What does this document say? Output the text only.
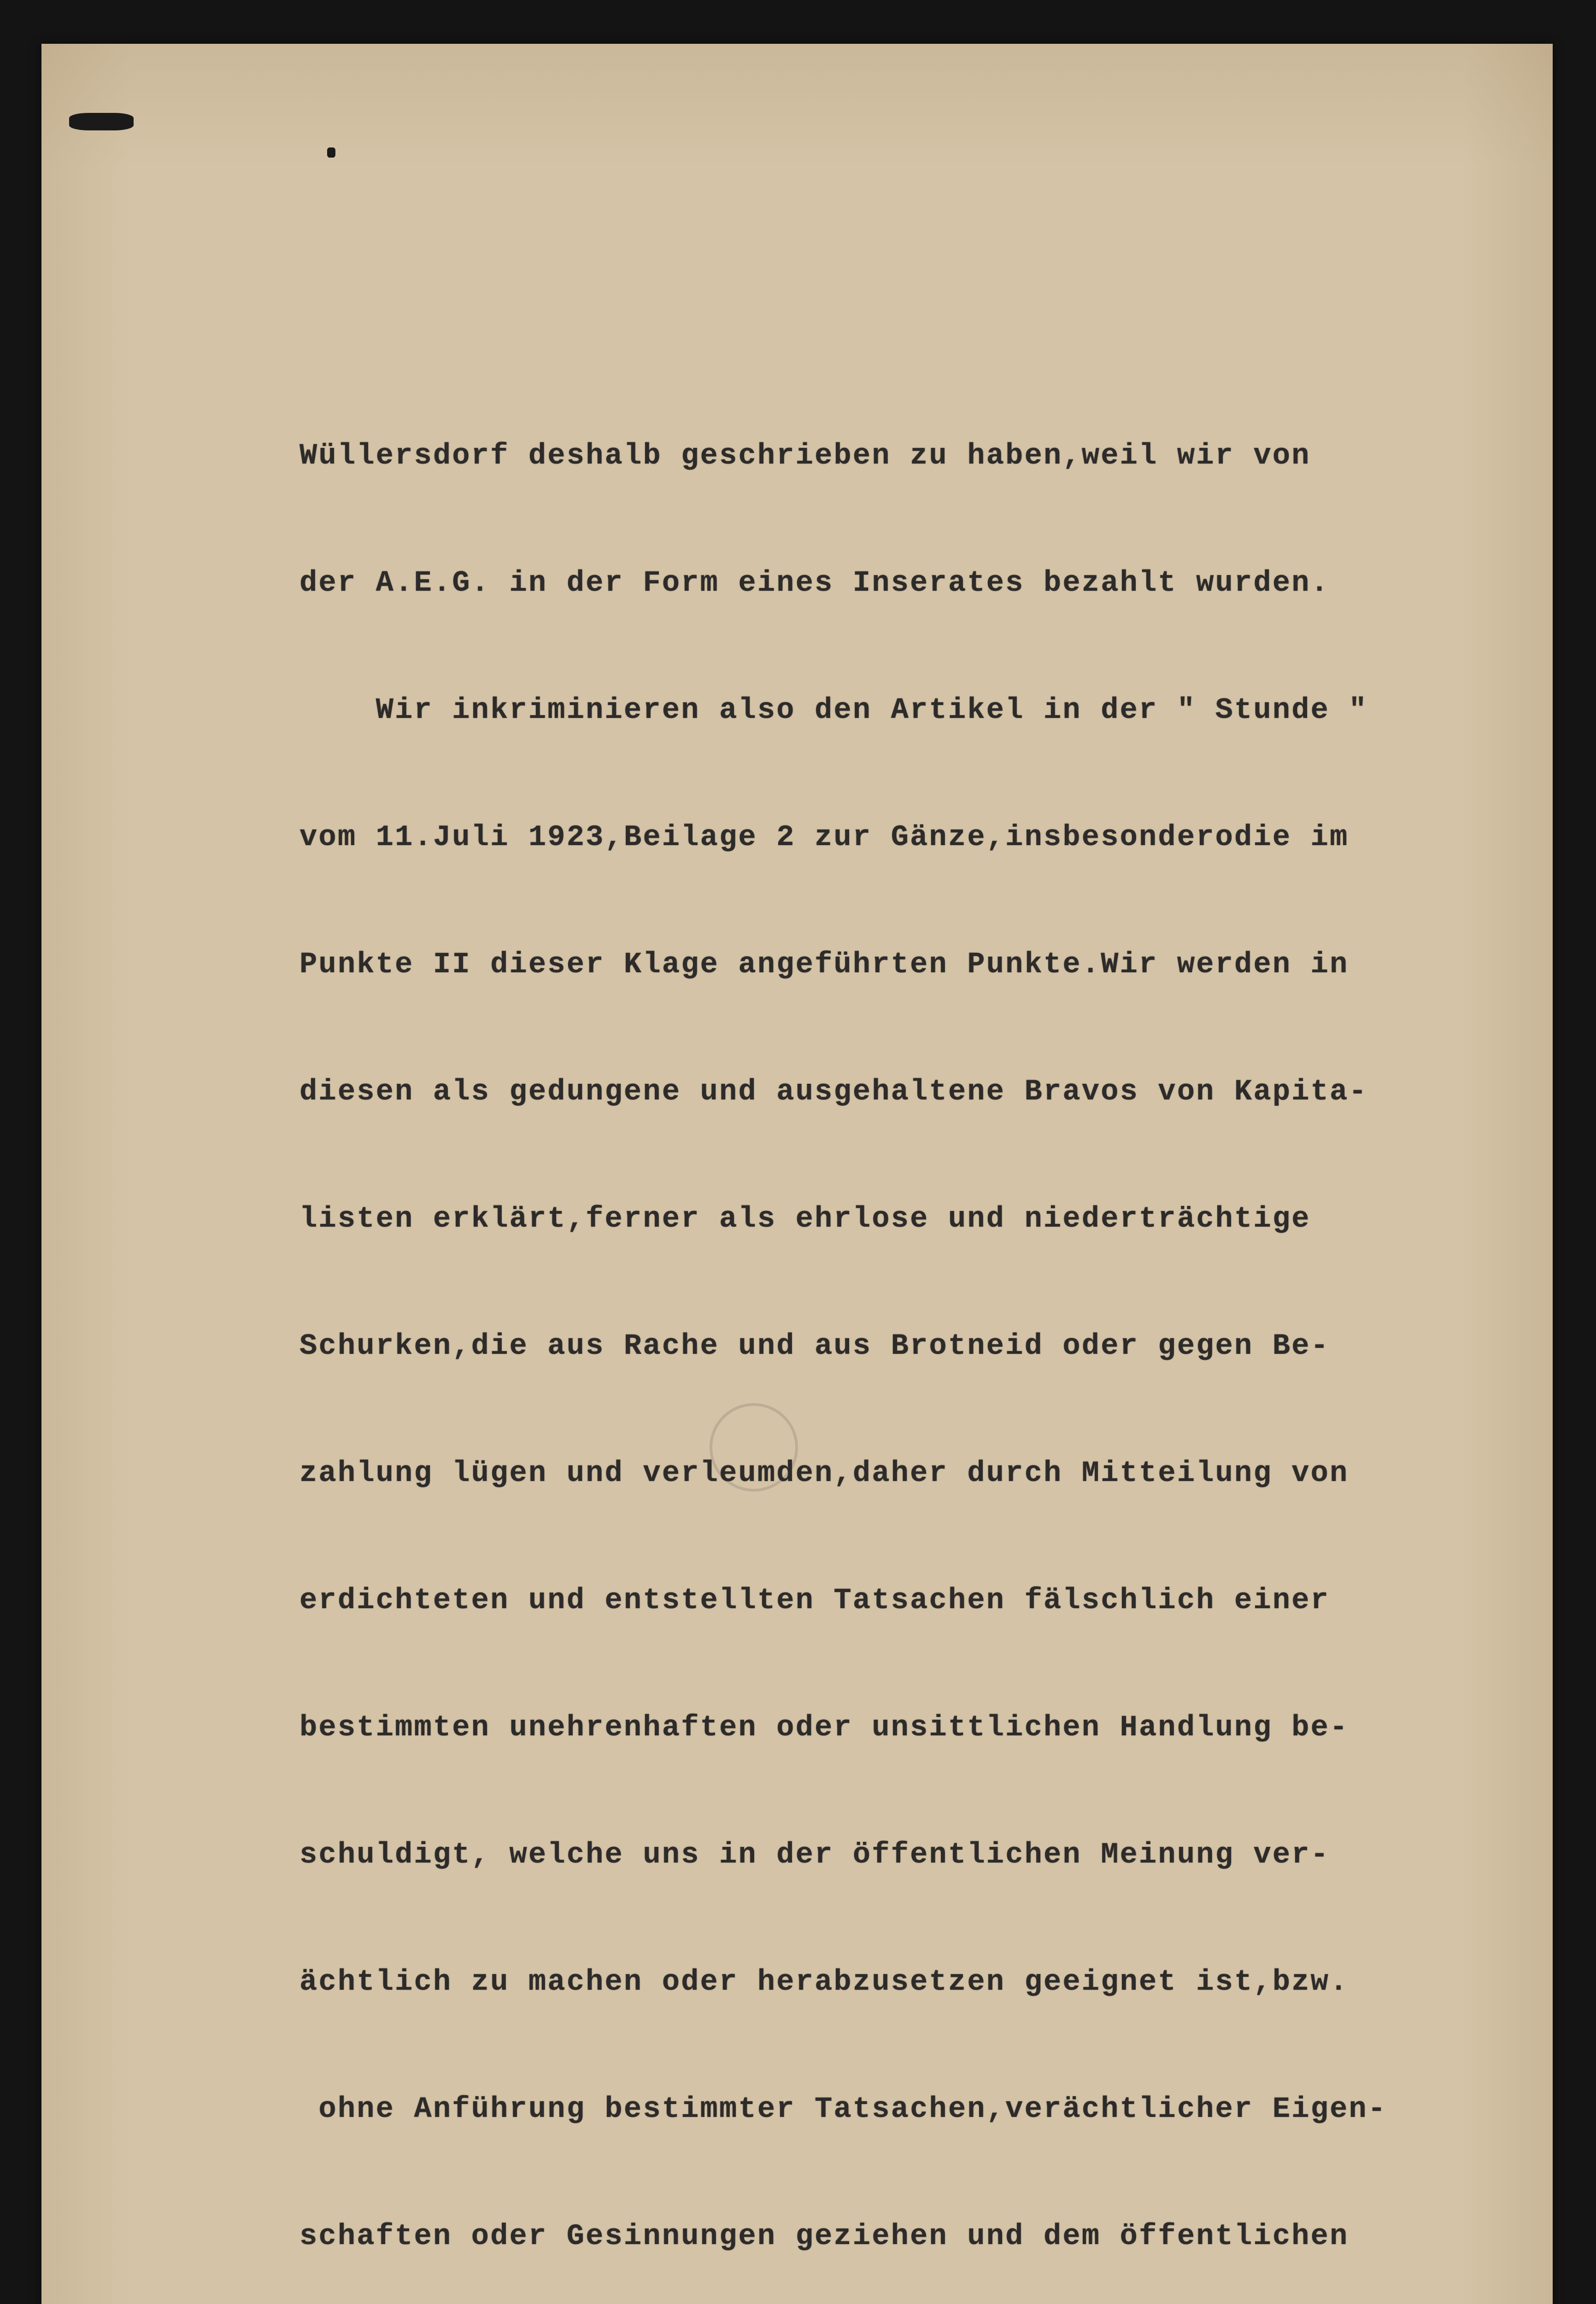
Wüllersdorf deshalb geschrieben zu haben,weil wir von

der A.E.G. in der Form eines Inserates bezahlt wurden.

Wir inkriminieren also den Artikel in der " Stunde "

vom 11.Juli 1923,Beilage 2 zur Gänze,insbesonderodie im

Punkte II dieser Klage angeführten Punkte.Wir werden in

diesen als gedungene und ausgehaltene Bravos von Kapita-

listen erklärt,ferner als ehrlose und niederträchtige

Schurken,die aus Rache und aus Brotneid oder gegen Be-

zahlung lügen und verleumden,daher durch Mitteilung von

erdichteten und entstellten Tatsachen fälschlich einer

bestimmten unehrenhaften oder unsittlichen Handlung be-

schuldigt, welche uns in der öffentlichen Meinung ver-

ächtlich zu machen oder herabzusetzen geeignet ist,bzw.

ohne Anführung bestimmter Tatsachen,verächtlicher Eigen-

schaften oder Gesinnungen geziehen und dem öffentlichen
